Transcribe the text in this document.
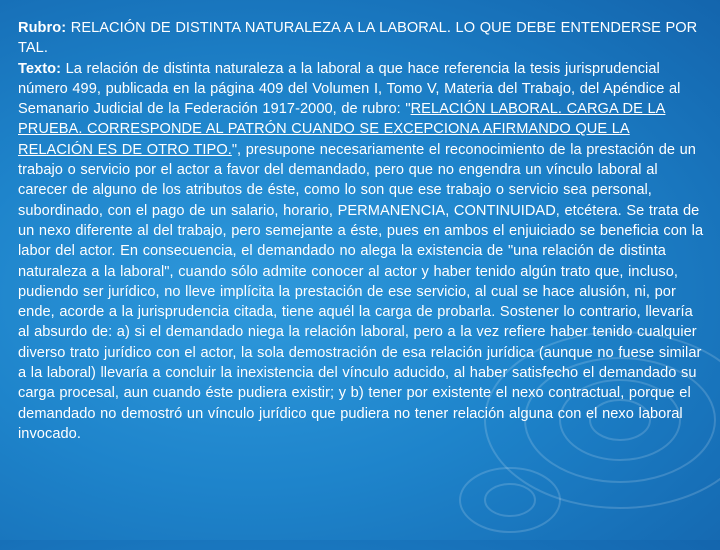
Rubro: RELACIÓN DE DISTINTA NATURALEZA A LA LABORAL. LO QUE DEBE ENTENDERSE POR TAL.
Texto: La relación de distinta naturaleza a la laboral a que hace referencia la tesis jurisprudencial número 499, publicada en la página 409 del Volumen I, Tomo V, Materia del Trabajo, del Apéndice al Semanario Judicial de la Federación 1917-2000, de rubro: "RELACIÓN LABORAL. CARGA DE LA PRUEBA. CORRESPONDE AL PATRÓN CUANDO SE EXCEPCIONA AFIRMANDO QUE LA RELACIÓN ES DE OTRO TIPO.", presupone necesariamente el reconocimiento de la prestación de un trabajo o servicio por el actor a favor del demandado, pero que no engendra un vínculo laboral al carecer de alguno de los atributos de éste, como lo son que ese trabajo o servicio sea personal, subordinado, con el pago de un salario, horario, PERMANENCIA, CONTINUIDAD, etcétera. Se trata de un nexo diferente al del trabajo, pero semejante a éste, pues en ambos el enjuiciado se beneficia con la labor del actor. En consecuencia, el demandado no alega la existencia de "una relación de distinta naturaleza a la laboral", cuando sólo admite conocer al actor y haber tenido algún trato que, incluso, pudiendo ser jurídico, no lleve implícita la prestación de ese servicio, al cual se hace alusión, ni, por ende, acorde a la jurisprudencia citada, tiene aquél la carga de probarla. Sostener lo contrario, llevaría al absurdo de: a) si el demandado niega la relación laboral, pero a la vez refiere haber tenido cualquier diverso trato jurídico con el actor, la sola demostración de esa relación jurídica (aunque no fuese similar a la laboral) llevaría a concluir la inexistencia del vínculo aducido, al haber satisfecho el demandado su carga procesal, aun cuando éste pudiera existir; y b) tener por existente el nexo contractual, porque el demandado no demostró un vínculo jurídico que pudiera no tener relación alguna con el nexo laboral invocado.
